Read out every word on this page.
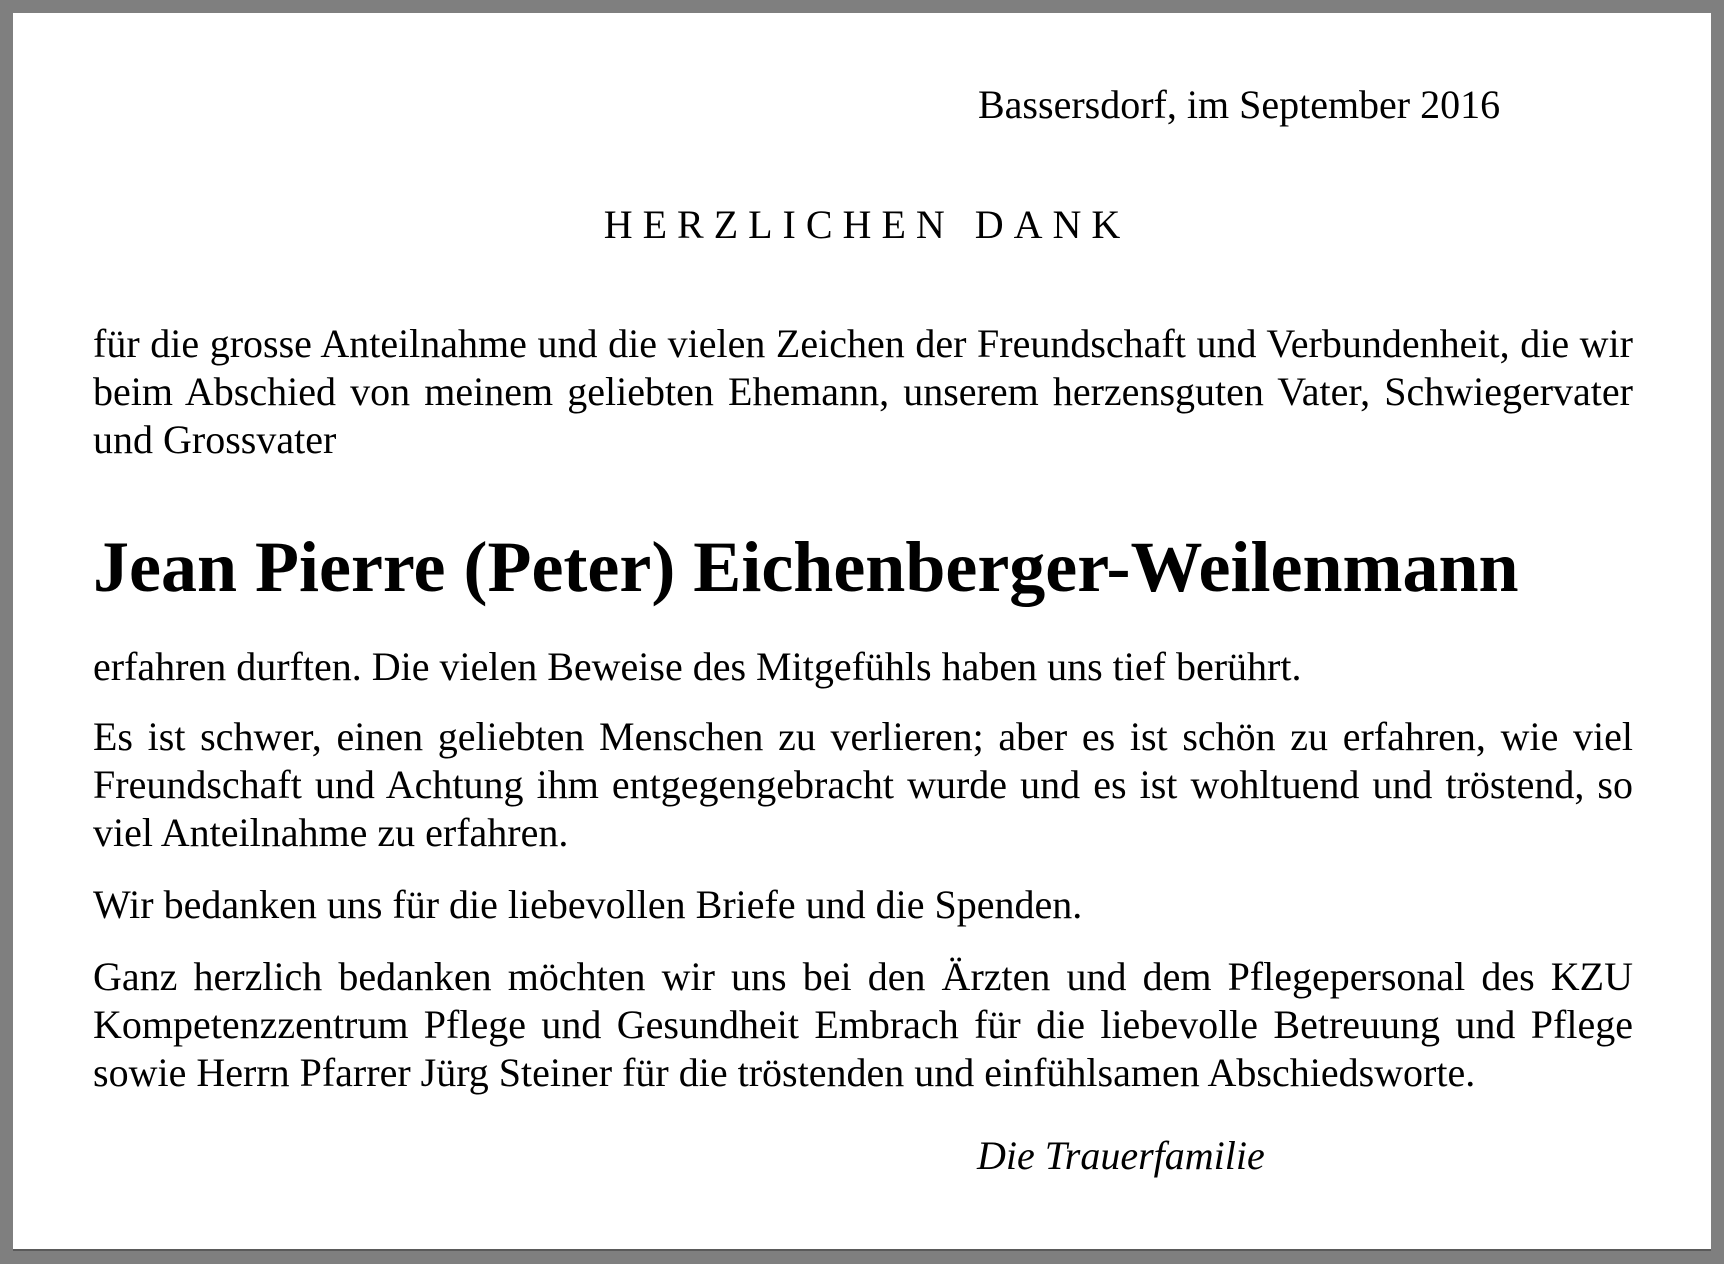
Bassersdorf, im September 2016
HERZLICHEN DANK
für die grosse Anteilnahme und die vielen Zeichen der Freundschaft und Verbundenheit, die wir beim Abschied von meinem geliebten Ehemann, unserem herzensguten Vater, Schwiegervater und Grossvater
Jean Pierre (Peter) Eichenberger-Weilenmann
erfahren durften. Die vielen Beweise des Mitgefühls haben uns tief berührt.
Es ist schwer, einen geliebten Menschen zu verlieren; aber es ist schön zu erfahren, wie viel Freundschaft und Achtung ihm entgegengebracht wurde und es ist wohltuend und tröstend, so viel Anteilnahme zu erfahren.
Wir bedanken uns für die liebevollen Briefe und die Spenden.
Ganz herzlich bedanken möchten wir uns bei den Ärzten und dem Pflegepersonal des KZU Kompetenzzentrum Pflege und Gesundheit Embrach für die liebevolle Betreuung und Pflege sowie Herrn Pfarrer Jürg Steiner für die tröstenden und einfühlsamen Abschiedsworte.
Die Trauerfamilie
